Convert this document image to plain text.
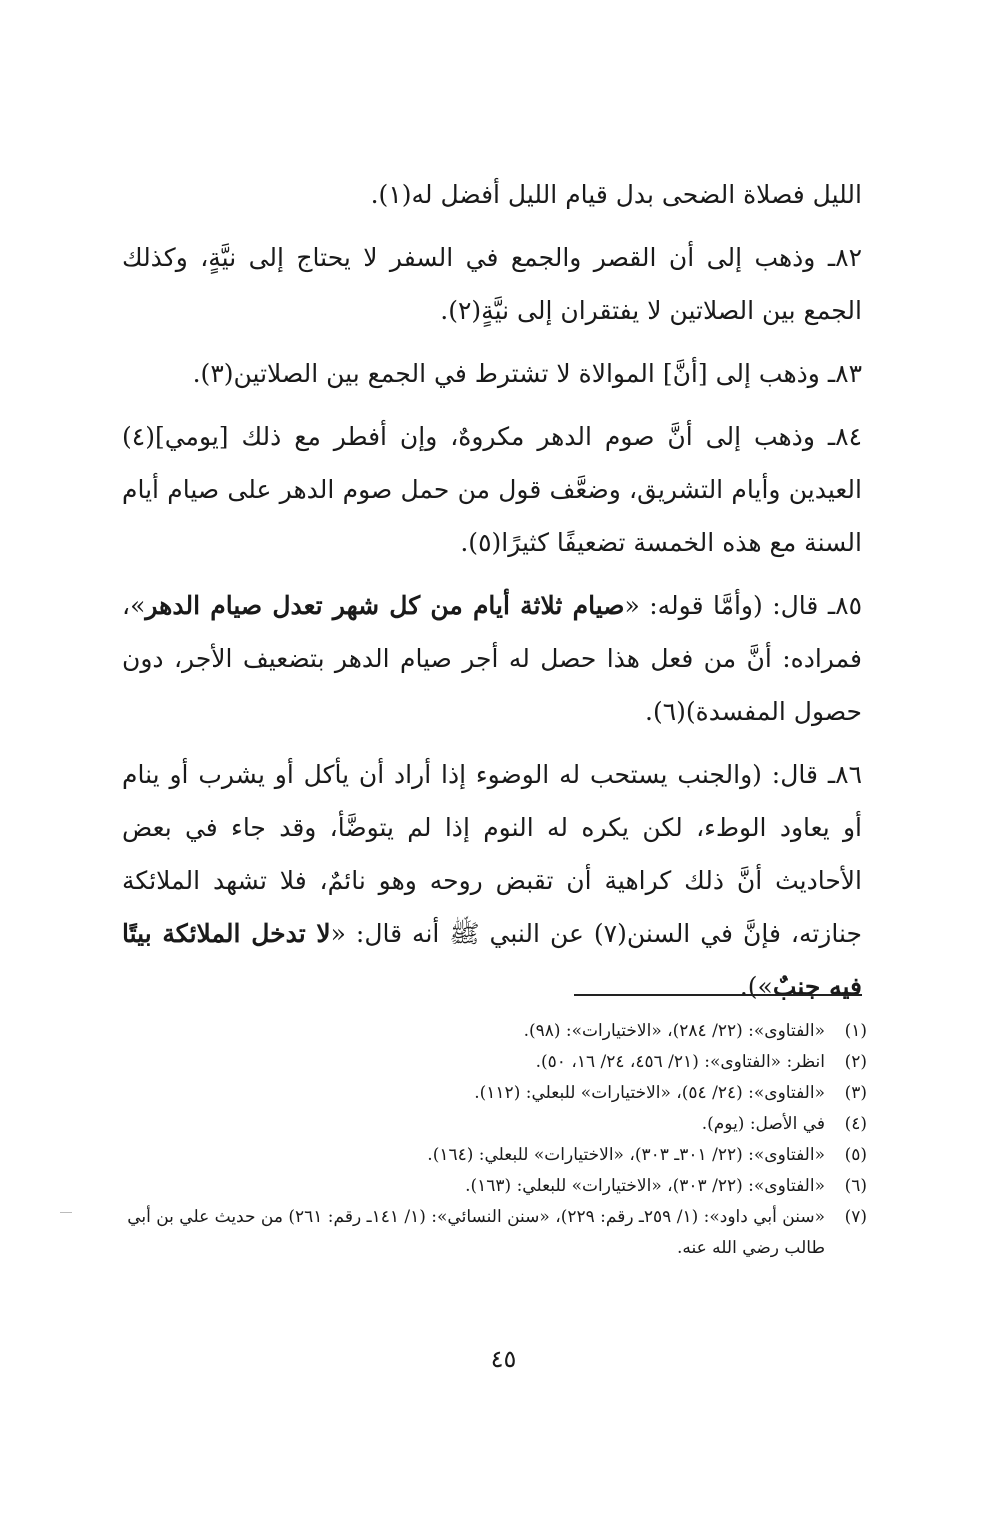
الليل فصلاة الضحى بدل قيام الليل أفضل له(١).

٨٢ـ وذهب إلى أن القصر والجمع في السفر لا يحتاج إلى نيَّةٍ، وكذلك الجمع بين الصلاتين لا يفتقران إلى نيَّةٍ(٢).

٨٣ـ وذهب إلى [أنَّ] الموالاة لا تشترط في الجمع بين الصلاتين(٣).

٨٤ـ وذهب إلى أنَّ صوم الدهر مكروهٌ، وإن أفطر مع ذلك [يومي](٤) العيدين وأيام التشريق، وضعَّف قول من حمل صوم الدهر على صيام أيام السنة مع هذه الخمسة تضعيفًا كثيرًا(٥).

٨٥ـ قال: (وأمَّا قوله: «صيام ثلاثة أيام من كل شهر تعدل صيام الدهر»، فمراده: أنَّ من فعل هذا حصل له أجر صيام الدهر بتضعيف الأجر، دون حصول المفسدة)(٦).

٨٦ـ قال: (والجنب يستحب له الوضوء إذا أراد أن يأكل أو يشرب أو ينام أو يعاود الوطء، لكن يكره له النوم إذا لم يتوضَّأ، وقد جاء في بعض الأحاديث أنَّ ذلك كراهية أن تقبض روحه وهو نائمٌ، فلا تشهد الملائكة جنازته، فإنَّ في السنن(٧) عن النبي ﷺ أنه قال: «لا تدخل الملائكة بيتًا فيه جنبٌ»).

(١)
«الفتاوى»: (٢٢/ ٢٨٤)، «الاختيارات»: (٩٨).
(٢)
انظر: «الفتاوى»: (٢١/ ٤٥٦، ٢٤/ ١٦، ٥٠).
(٣)
«الفتاوى»: (٢٤/ ٥٤)، «الاختيارات» للبعلي: (١١٢).
(٤)
في الأصل: (يوم).
(٥)
«الفتاوى»: (٢٢/ ٣٠١ـ ٣٠٣)، «الاختيارات» للبعلي: (١٦٤).
(٦)
«الفتاوى»: (٢٢/ ٣٠٣)، «الاختيارات» للبعلي: (١٦٣).
(٧)
«سنن أبي داود»: (١/ ٢٥٩ـ رقم: ٢٢٩)، «سنن النسائي»: (١/ ١٤١ـ رقم: ٢٦١) من حديث علي بن أبي طالب رضي الله عنه.
٤٥
